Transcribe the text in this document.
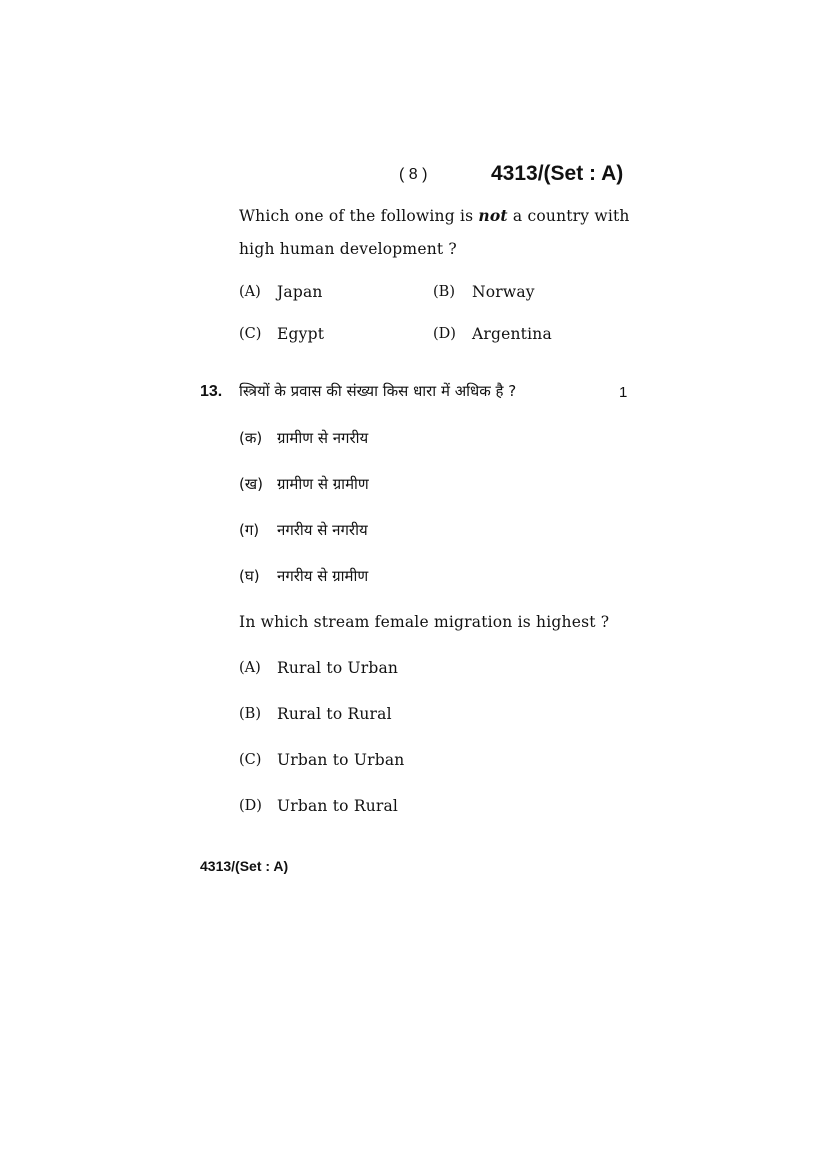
( 8 )	4313/(Set : A)
Which one of the following is not a country with
high human development ?
(A) Japan	(B) Norway
(C) Egypt	(D) Argentina
13. स्त्रियों के प्रवास की संख्या किस धारा में अधिक है ?	1
(क) ग्रामीण से नगरीय
(ख) ग्रामीण से ग्रामीण
(ग) नगरीय से नगरीय
(घ) नगरीय से ग्रामीण
In which stream female migration is highest ?
(A) Rural to Urban
(B) Rural to Rural
(C) Urban to Urban
(D) Urban to Rural
4313/(Set : A)
